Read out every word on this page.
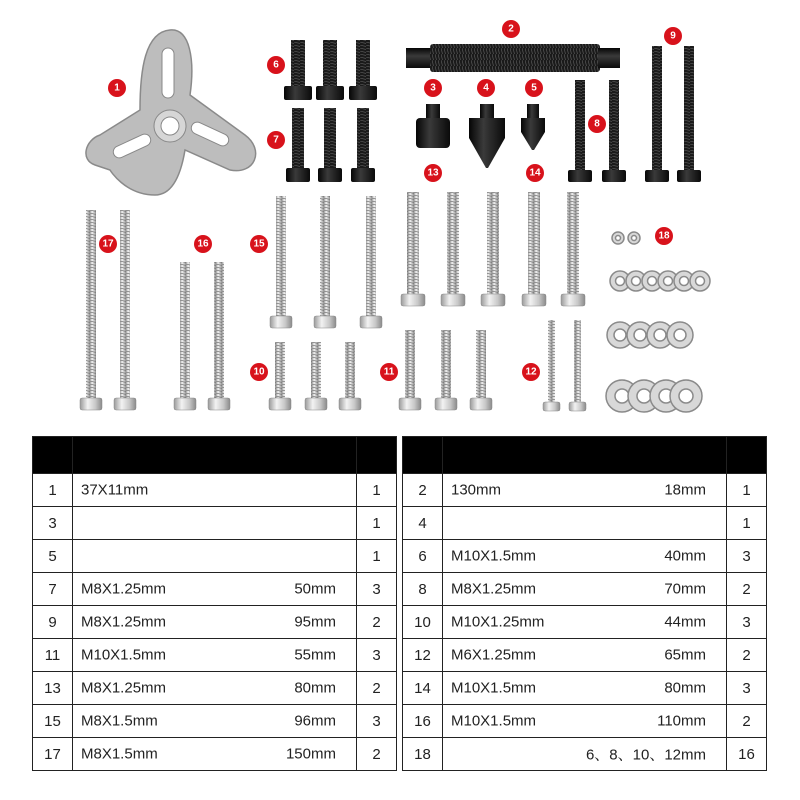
1
2
3	4	5
6
7
8
9
10	11	12
13	14
15
16
17
18

1	37X11mm	1
3		1
5		1
7	M8X1.25mm 50mm	3
9	M8X1.25mm 95mm	2
11	M10X1.5mm 55mm	3
13	M8X1.25mm 80mm	2
15	M8X1.5mm 96mm	3
17	M8X1.5mm 150mm	2

2	130mm 18mm	1
4		1
6	M10X1.5mm 40mm	3
8	M8X1.25mm 70mm	2
10	M10X1.25mm 44mm	3
12	M6X1.25mm 65mm	2
14	M10X1.5mm 80mm	3
16	M10X1.5mm 110mm	2
18	6、8、10、12mm	16
